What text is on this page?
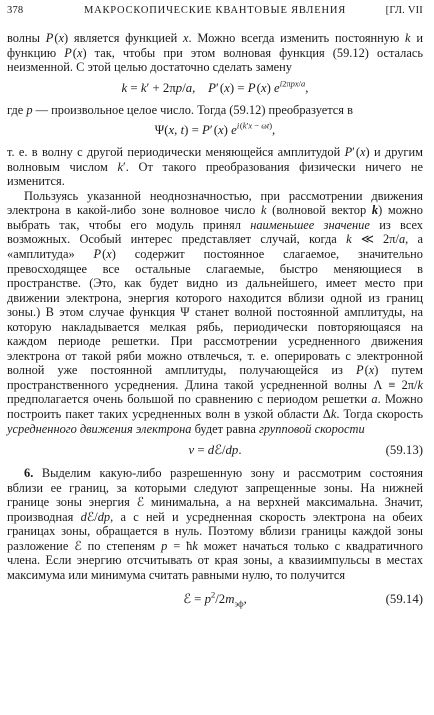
378	МАКРОСКОПИЧЕСКИЕ КВАНТОВЫЕ ЯВЛЕНИЯ	[ГЛ. VII

волны P (x) является функцией x. Можно всегда изменить постоянную k и функцию P (x) так, чтобы при этом волновая функция (59.12) осталась неизменной. С этой целью достаточно сделать замену

k = k′ + 2πp/a,    P′ (x) = P (x) $e^{i2\pi px/a}$,

где p — произвольное целое число. Тогда (59.12) преобразуется в

Ψ(x, t) = P′ (x) $e^{i (k'x - \omega t)}$,

т. е. в волну с другой периодически меняющейся амплитудой P′ (x) и другим волновым числом k′. От такого преобразования физически ничего не изменится.

Пользуясь указанной неоднозначностью, при рассмотрении движения электрона в какой-либо зоне волновое число k (волновой вектор k) можно выбрать так, чтобы его модуль принял наименьшее значение из всех возможных. Особый интерес представляет случай, когда k ≪ 2π/a, а «амплитуда» P (x) содержит постоянное слагаемое, значительно превосходящее все остальные слагаемые, быстро меняющиеся в пространстве. (Это, как будет видно из дальнейшего, имеет место при движении электрона, энергия которого находится вблизи одной из границ зоны.) В этом случае функция Ψ станет волной постоянной амплитуды, на которую накладывается мелкая рябь, периодически повторяющаяся на каждом периоде решетки. При рассмотрении усредненного движения электрона от такой ряби можно отвлечься, т. е. оперировать с электронной волной уже постоянной амплитуды, получающейся из P (x) путем пространственного усреднения. Длина такой усредненной волны Λ ≡ 2π/k предполагается очень большой по сравнению с периодом решетки a. Можно построить пакет таких усредненных волн в узкой области Δk. Тогда скорость усредненного движения электрона будет равна групповой скорости

v = dℰ/dp.	(59.13)

6. Выделим какую-либо разрешенную зону и рассмотрим состояния вблизи ее границ, за которыми следуют запрещенные зоны. На нижней границе зоны энергия ℰ минимальна, а на верхней максимальна. Значит, производная dℰ/dp, а с ней и усредненная скорость электрона на обеих границах зоны, обращается в нуль. Поэтому вблизи границы каждой зоны разложение ℰ по степеням p = ħk может начаться только с квадратичного члена. Если энергию отсчитывать от края зоны, а квазиимпульсы в местах максимума или минимума считать равными нулю, то получится

ℰ = $p^2/2m_{эф}$,	(59.14)
